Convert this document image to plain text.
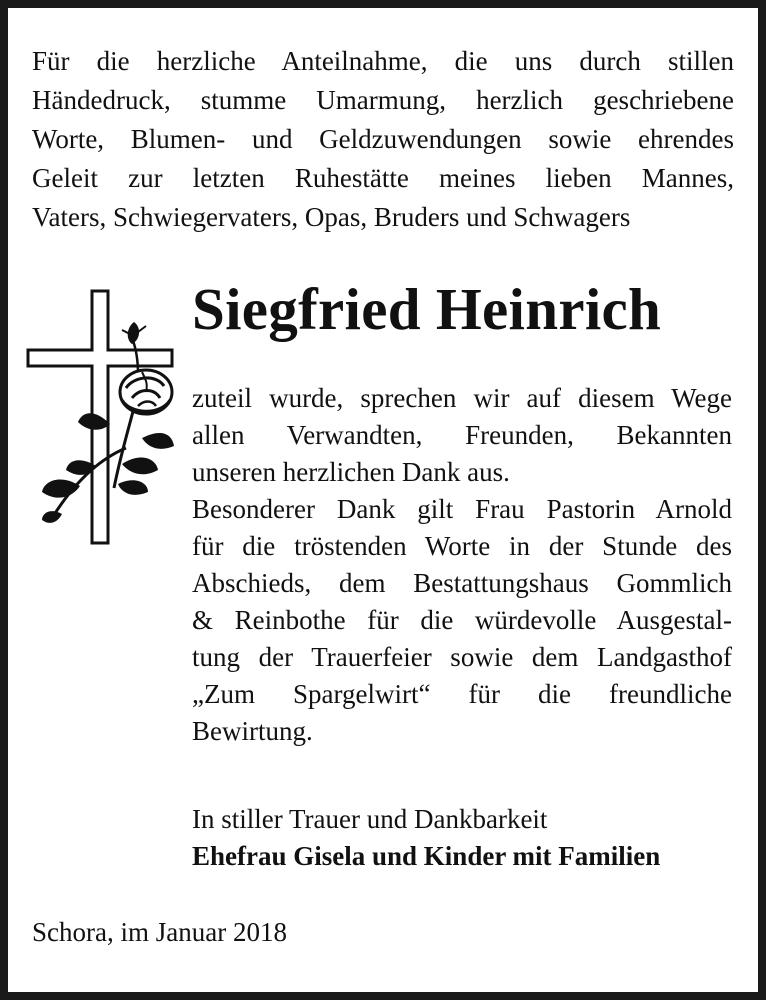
Für die herzliche Anteilnahme, die uns durch stillen
Händedruck, stumme Umarmung, herzlich geschriebene
Worte, Blumen- und Geldzuwendungen sowie ehrendes
Geleit zur letzten Ruhestätte meines lieben Mannes,
Vaters, Schwiegervaters, Opas, Bruders und Schwagers
Siegfried Heinrich
zuteil wurde, sprechen wir auf diesem Wege
allen Verwandten, Freunden, Bekannten
unseren herzlichen Dank aus.
Besonderer Dank gilt Frau Pastorin Arnold
für die tröstenden Worte in der Stunde des
Abschieds, dem Bestattungshaus Gommlich
& Reinbothe für die würdevolle Ausgestal-
tung der Trauerfeier sowie dem Landgasthof
„Zum Spargelwirt“ für die freundliche
Bewirtung.
In stiller Trauer und Dankbarkeit
Ehefrau Gisela und Kinder mit Familien
Schora, im Januar 2018
